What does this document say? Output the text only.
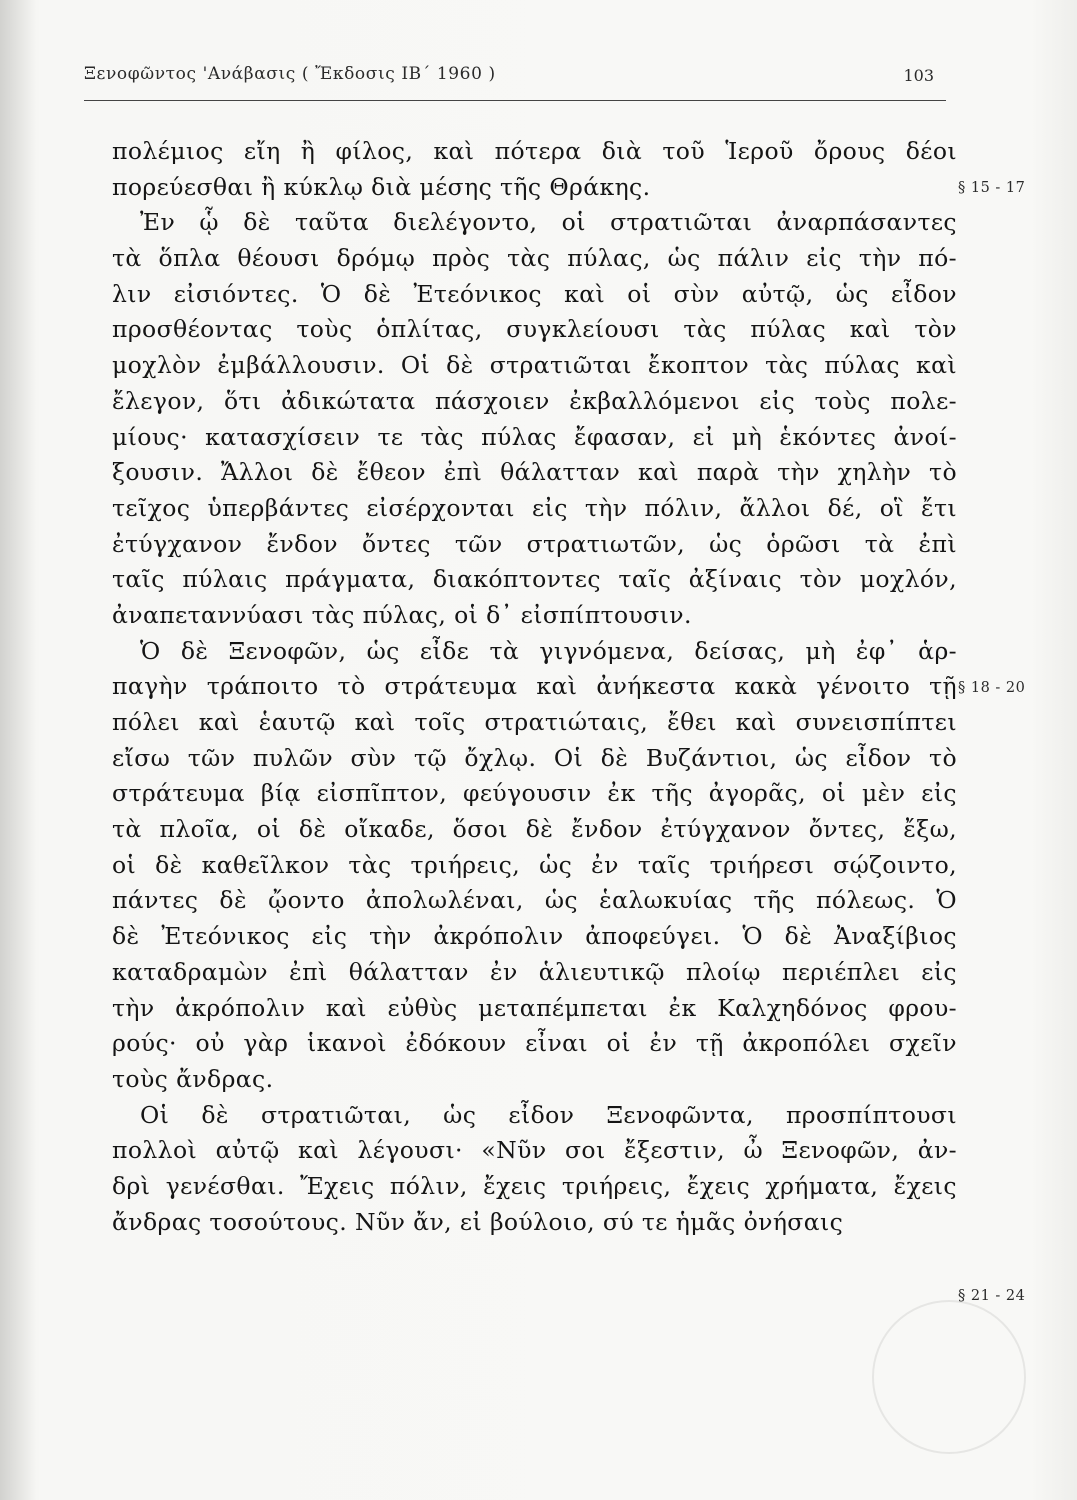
Ξενοφῶντος 'Ανάβασις ( Ἔκδοσις ΙΒ΄ 1960 )	103
πολέμιος εἴη ἢ φίλος, καὶ πότερα διὰ τοῦ Ἱεροῦ ὄρους δέοι
πορεύεσθαι ἢ κύκλῳ διὰ μέσης τῆς Θράκης.
Ἐν ᾧ δὲ ταῦτα διελέγοντο, οἱ στρατιῶται ἀναρπάσαντες
τὰ ὅπλα θέουσι δρόμῳ πρὸς τὰς πύλας, ὡς πάλιν εἰς τὴν πό-
λιν εἰσιόντες. Ὁ δὲ Ἐτεόνικος καὶ οἱ σὺν αὐτῷ, ὡς εἶδον
προσθέοντας τοὺς ὁπλίτας, συγκλείουσι τὰς πύλας καὶ τὸν
μοχλὸν ἐμβάλλουσιν. Οἱ δὲ στρατιῶται ἔκοπτον τὰς πύλας καὶ
ἔλεγον, ὅτι ἀδικώτατα πάσχοιεν ἐκβαλλόμενοι εἰς τοὺς πολε-
μίους· κατασχίσειν τε τὰς πύλας ἔφασαν, εἰ μὴ ἑκόντες ἀνοί-
ξουσιν. Ἄλλοι δὲ ἔθεον ἐπὶ θάλατταν καὶ παρὰ τὴν χηλὴν τὸ
τεῖχος ὑπερβάντες εἰσέρχονται εἰς τὴν πόλιν, ἄλλοι δέ, οἳ ἔτι
ἐτύγχανον ἔνδον ὄντες τῶν στρατιωτῶν, ὡς ὁρῶσι τὰ ἐπὶ
ταῖς πύλαις πράγματα, διακόπτοντες ταῖς ἀξίναις τὸν μοχλόν,
ἀναπεταννύασι τὰς πύλας, οἱ δ᾽ εἰσπίπτουσιν.
Ὁ δὲ Ξενοφῶν, ὡς εἶδε τὰ γιγνόμενα, δείσας, μὴ ἐφ᾽ ἁρ-
παγὴν τράποιτο τὸ στράτευμα καὶ ἀνήκεστα κακὰ γένοιτο τῇ
πόλει καὶ ἑαυτῷ καὶ τοῖς στρατιώταις, ἔθει καὶ συνεισπίπτει
εἴσω τῶν πυλῶν σὺν τῷ ὄχλῳ. Οἱ δὲ Βυζάντιοι, ὡς εἶδον τὸ
στράτευμα βίᾳ εἰσπῖπτον, φεύγουσιν ἐκ τῆς ἀγορᾶς, οἱ μὲν εἰς
τὰ πλοῖα, οἱ δὲ οἴκαδε, ὅσοι δὲ ἔνδον ἐτύγχανον ὄντες, ἔξω,
οἱ δὲ καθεῖλκον τὰς τριήρεις, ὡς ἐν ταῖς τριήρεσι σῴζοιντο,
πάντες δὲ ᾤοντο ἀπολωλέναι, ὡς ἑαλωκυίας τῆς πόλεως. Ὁ
δὲ Ἐτεόνικος εἰς τὴν ἀκρόπολιν ἀποφεύγει. Ὁ δὲ Ἀναξίβιος
καταδραμὼν ἐπὶ θάλατταν ἐν ἁλιευτικῷ πλοίῳ περιέπλει εἰς
τὴν ἀκρόπολιν καὶ εὐθὺς μεταπέμπεται ἐκ Καλχηδόνος φρου-
ρούς· οὐ γὰρ ἱκανοὶ ἐδόκουν εἶναι οἱ ἐν τῇ ἀκροπόλει σχεῖν
τοὺς ἄνδρας.
Οἱ δὲ στρατιῶται, ὡς εἶδον Ξενοφῶντα, προσπίπτουσι
πολλοὶ αὐτῷ καὶ λέγουσι· «Νῦν σοι ἔξεστιν, ὦ Ξενοφῶν, ἀν-
δρὶ γενέσθαι. Ἔχεις πόλιν, ἔχεις τριήρεις, ἔχεις χρήματα, ἔχεις
ἄνδρας τοσούτους. Νῦν ἄν, εἰ βούλοιο, σύ τε ἡμᾶς ὀνήσαις
§ 15 - 17
§ 18 - 20
§ 21 - 24
